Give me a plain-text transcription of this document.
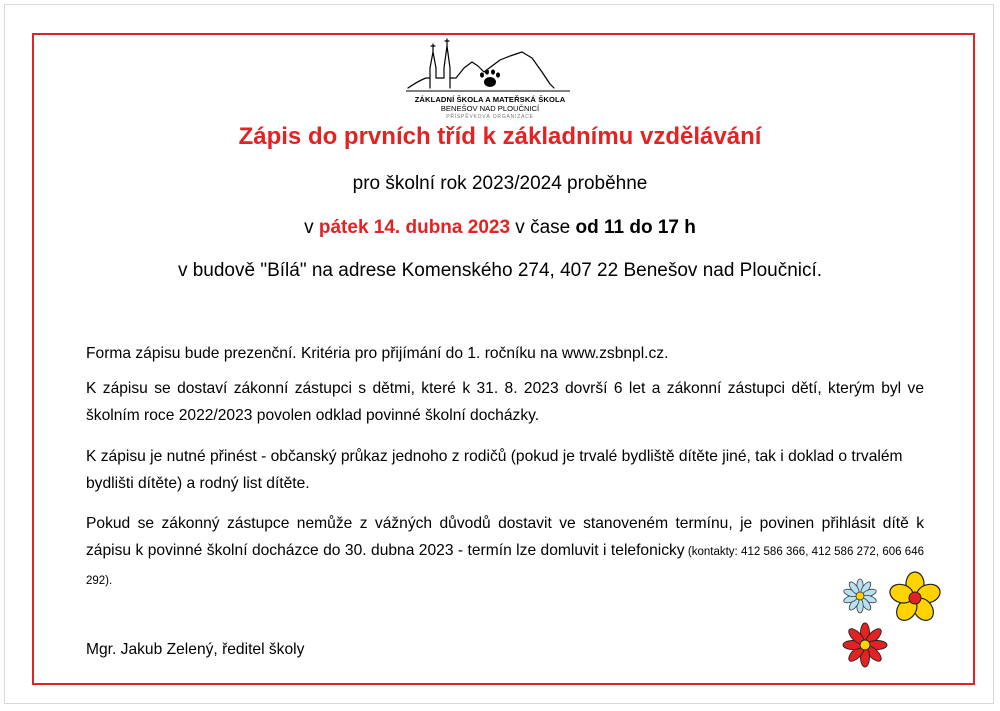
ZÁKLADNÍ ŠKOLA A MATEŘSKÁ ŠKOLA
BENEŠOV NAD PLOUČNICÍ
PŘÍSPĚVKOVÁ ORGANIZACE
Zápis do prvních tříd k základnímu vzdělávání
pro školní rok 2023/2024 proběhne
v pátek 14. dubna 2023 v čase od 11 do 17 h
v budově "Bílá" na adrese Komenského 274, 407 22 Benešov nad Ploučnicí.
Forma zápisu bude prezenční. Kritéria pro přijímání do 1. ročníku na www.zsbnpl.cz.
K zápisu se dostaví zákonní zástupci s dětmi, které k 31. 8. 2023 dovrší 6 let a zákonní zástupci dětí, kterým byl ve školním roce 2022/2023 povolen odklad povinné školní docházky.
K zápisu je nutné přinést - občanský průkaz jednoho z rodičů (pokud je trvalé bydliště dítěte jiné, tak i doklad o trvalém bydlišti dítěte) a rodný list dítěte.
Pokud se zákonný zástupce nemůže z vážných důvodů dostavit ve stanoveném termínu, je povinen přihlásit dítě k zápisu k povinné školní docházce do 30. dubna 2023 - termín lze domluvit i telefonicky (kontakty: 412 586 366, 412 586 272, 606 646 292).
Mgr. Jakub Zelený, ředitel školy
